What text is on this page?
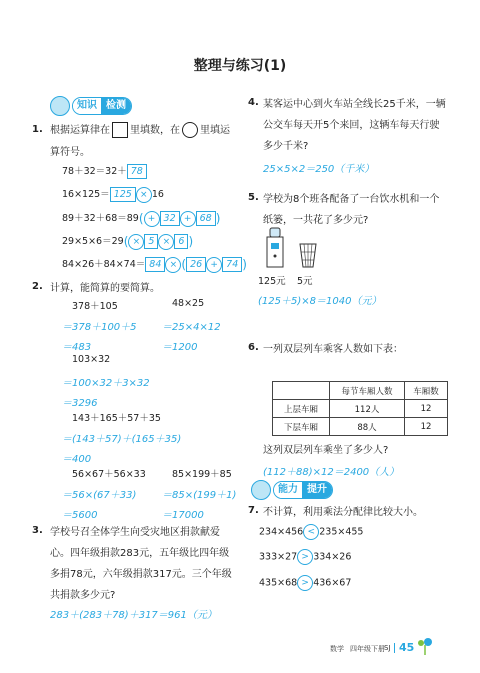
整理与练习(1)
知识 检测
1. 根据运算律在 里填数，在 里填运
算符号。
78＋32＝32＋ 78
16×125＝ 125 × 16
89＋32＋68＝89( + 32 + 68 )
29×5×6＝29( × 5 × 6 )
84×26＋84×74＝ 84 × ( 26 + 74 )
2. 计算，能简算的要简算。
378＋105
＝378＋100＋5
＝483
48×25
＝25×4×12
＝1200
103×32
＝100×32＋3×32
＝3296
143＋165＋57＋35
＝(143＋57)＋(165＋35)
＝400
56×67＋56×33
＝56×(67＋33)
＝5600
85×199＋85
＝85×(199＋1)
＝17000
3. 学校号召全体学生向受灾地区捐款献爱
心。四年级捐款283元，五年级比四年级
多捐78元，六年级捐款317元。三个年级
共捐款多少元?
283＋(283＋78)＋317＝961（元）
4. 某客运中心到火车站全线长25千米，一辆
公交车每天开5个来回，这辆车每天行驶
多少千米?
25×5×2＝250（千米）
5. 学校为8个班各配备了一台饮水机和一个
纸篓，一共花了多少元?
125元 5元
(125＋5)×8＝1040（元）
6. 一列双层列车乘客人数如下表：
	每节车厢人数	车厢数
上层车厢	112人	12
下层车厢	88人	12
这列双层列车乘坐了多少人?
(112＋88)×12＝2400（人）
能力 提升
7. 不计算，利用乘法分配律比较大小。
234×456 < 235×455
333×27 > 334×26
435×68 > 436×67
数学 四年级下册 SJ 45
